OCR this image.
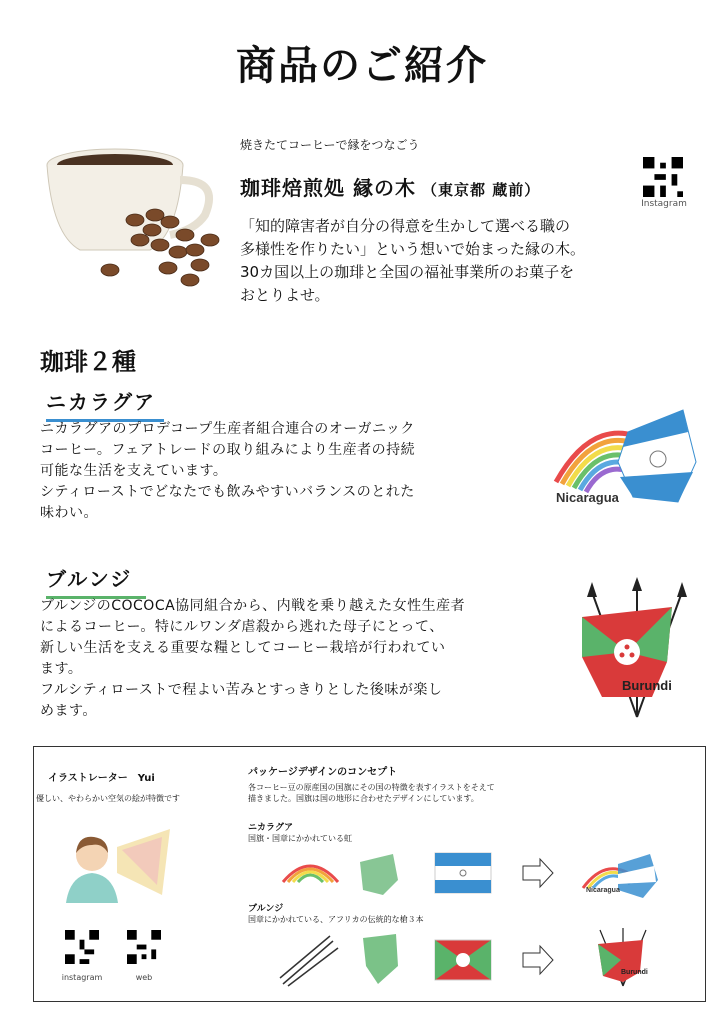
商品のご紹介
焼きたてコーヒーで縁をつなごう
珈琲焙煎処 縁の木 （東京都 蔵前）
Instagram
「知的障害者が自分の得意を生かして選べる職の
多様性を作りたい」という想いで始まった縁の木。
30カ国以上の珈琲と全国の福祉事業所のお菓子を
おとりよせ。
珈琲２種
ニカラグア
ニカラグアのプロデコープ生産者組合連合のオーガニック
コーヒー。フェアトレードの取り組みにより生産者の持続
可能な生活を支えています。
シティローストでどなたでも飲みやすいバランスのとれた
味わい。
Nicaragua
ブルンジ
ブルンジのCOCOCA協同組合から、内戦を乗り越えた女性生産者
によるコーヒー。特にルワンダ虐殺から逃れた母子にとって、
新しい生活を支える重要な糧としてコーヒー栽培が行われてい
ます。
フルシティローストで程よい苦みとすっきりとした後味が楽し
めます。
Burundi
イラストレーター　Yui
優しい、やわらかい空気の絵が特徴です
instagram	web
パッケージデザインのコンセプト
各コーヒー豆の原産国の国旗にその国の特徴を表すイラストをそえて
描きました。国旗は国の地形に合わせたデザインにしています。
ニカラグア
国旗・国章にかかれている虹
Nicaragua
ブルンジ
国章にかかれている、アフリカの伝統的な槍３本
Burundi
